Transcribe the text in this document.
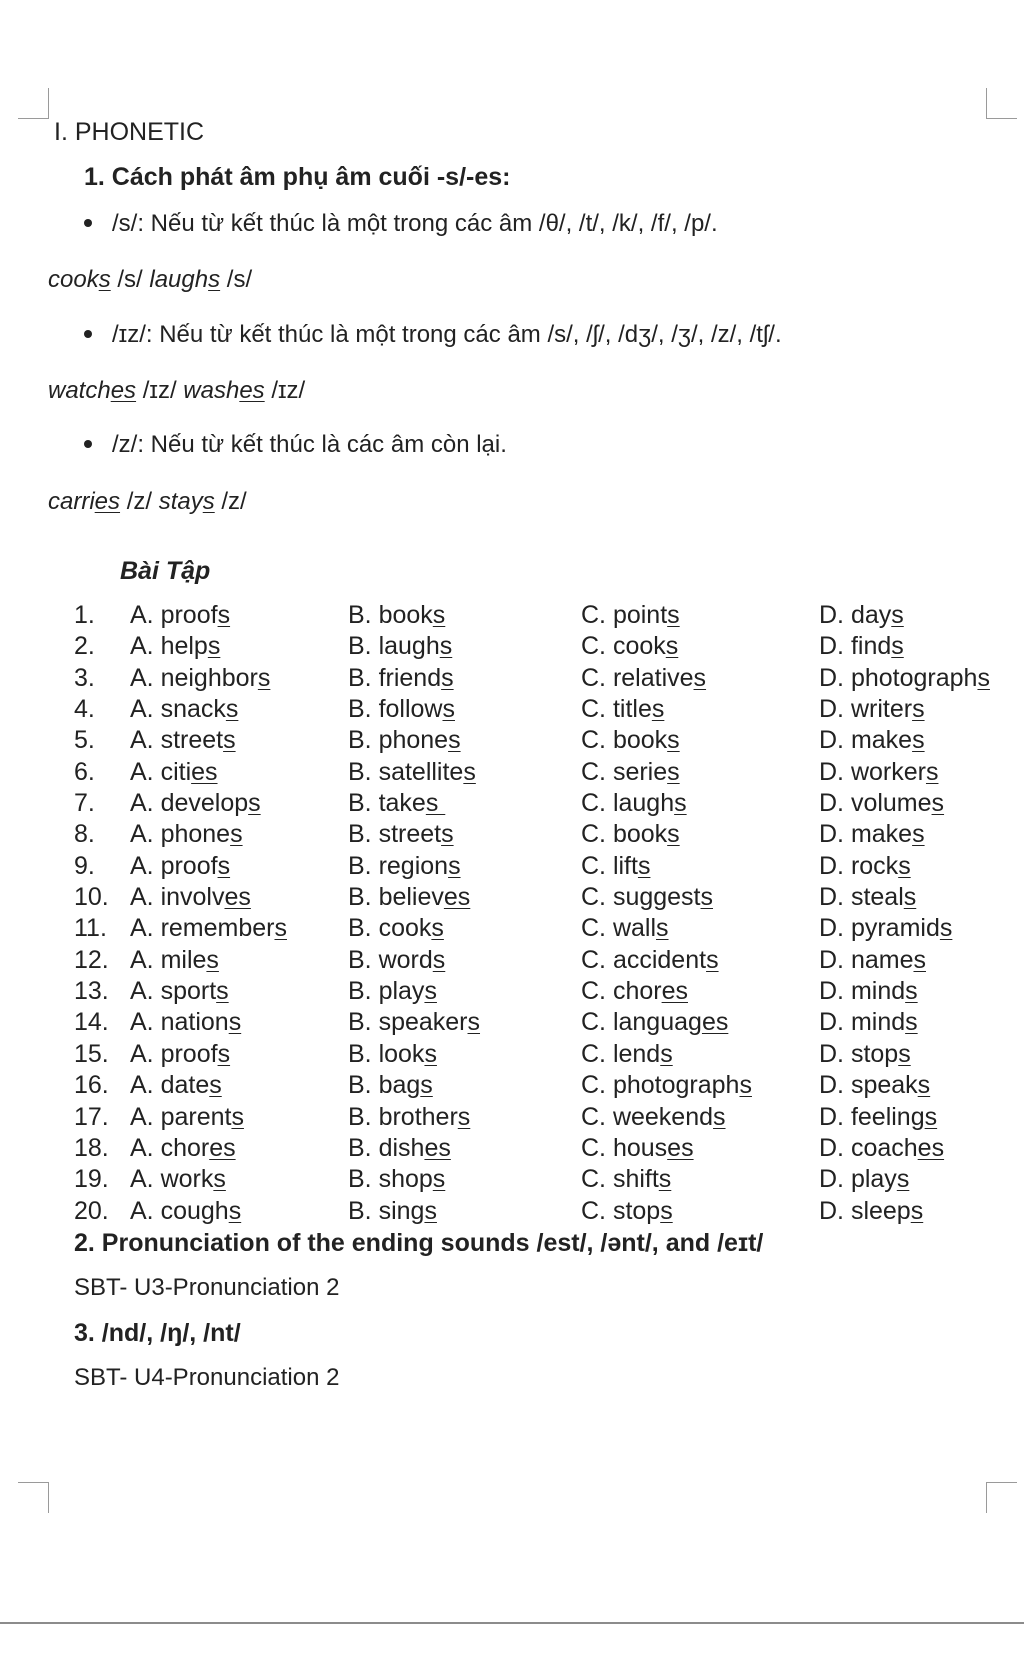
I. PHONETIC
1. Cách phát âm phụ âm cuối -s/-es:
/s/: Nếu từ kết thúc là một trong các âm /θ/, /t/, /k/, /f/, /p/.
cooks /s/ laughs /s/
/ɪz/: Nếu từ kết thúc là một trong các âm /s/, /ʃ/, /dʒ/, /ʒ/, /z/, /tʃ/.
watches /ɪz/ washes /ɪz/
/z/: Nếu từ kết thúc là các âm còn lại.
carries /z/ stays /z/
Bài Tập
1.	A. proofs	B. books	C. points	D. days
2.	A. helps	B. laughs	C. cooks	D. finds
3.	A. neighbors	B. friends	C. relatives	D. photographs
4.	A. snacks	B. follows	C. titles	D. writers
5.	A. streets	B. phones	C. books	D. makes
6.	A. cities	B. satellites	C. series	D. workers
7.	A. develops	B. takes	C. laughs	D. volumes
8.	A. phones	B. streets	C. books	D. makes
9.	A. proofs	B. regions	C. lifts	D. rocks
10.	A. involves	B. believes	C. suggests	D. steals
11.	A. remembers	B. cooks	C. walls	D. pyramids
12.	A. miles	B. words	C. accidents	D. names
13.	A. sports	B. plays	C. chores	D. minds
14.	A. nations	B. speakers	C. languages	D. minds
15.	A. proofs	B. looks	C. lends	D. stops
16.	A. dates	B. bags	C. photographs	D. speaks
17.	A. parents	B. brothers	C. weekends	D. feelings
18.	A. chores	B. dishes	C. houses	D. coaches
19.	A. works	B. shops	C. shifts	D. plays
20.	A. coughs	B. sings	C. stops	D. sleeps
2. Pronunciation of the ending sounds /est/, /ənt/, and /eɪt/
SBT- U3-Pronunciation 2
3. /nd/, /ŋ/, /nt/
SBT- U4-Pronunciation 2
